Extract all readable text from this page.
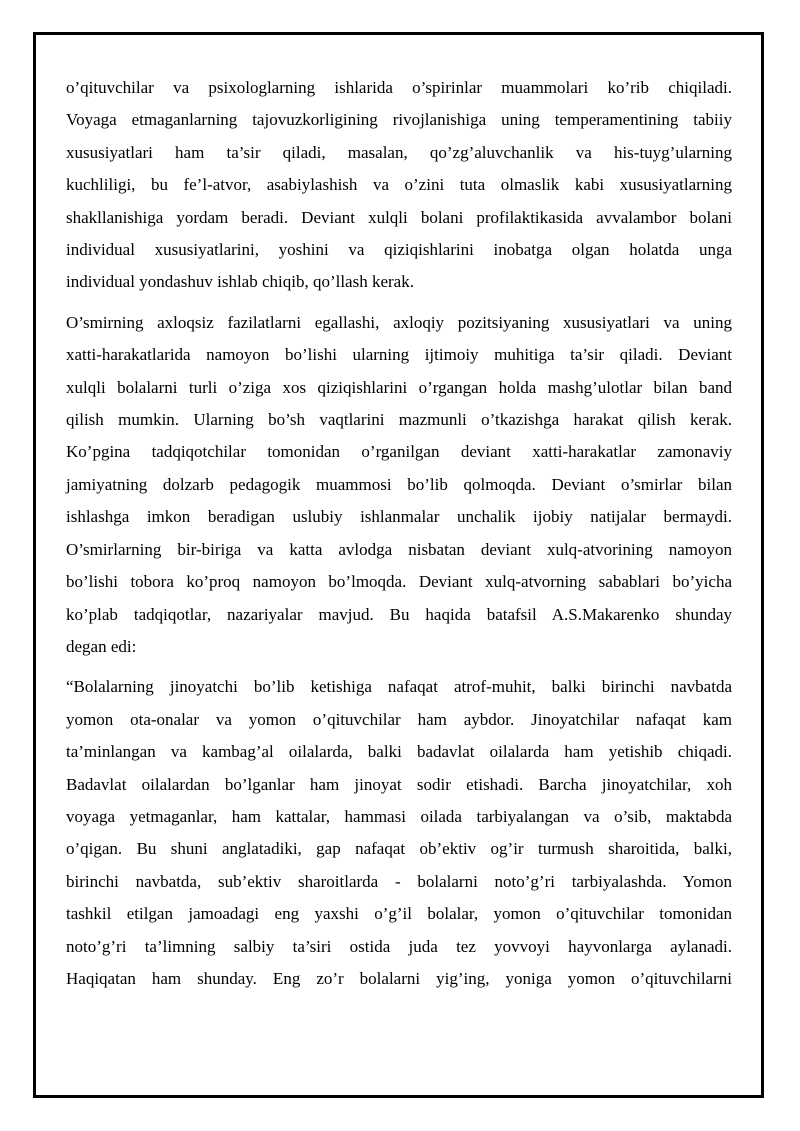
o’qituvchilar va psixologlarning ishlarida o’spirinlar muammolari ko’rib chiqiladi.
Voyaga etmaganlarning tajovuzkorligining rivojlanishiga uning temperamentining tabiiy
xususiyatlari ham ta’sir qiladi, masalan, qo’zg’aluvchanlik va his-tuyg’ularning
kuchliligi, bu fe’l-atvor, asabiylashish va o’zini tuta olmaslik kabi xususiyatlarning
shakllanishiga yordam beradi. Deviant xulqli bolani profilaktikasida avvalambor bolani
individual xususiyatlarini, yoshini va qiziqishlarini inobatga olgan holatda unga
individual yondashuv ishlab chiqib, qo’llash kerak.

O’smirning axloqsiz fazilatlarni egallashi, axloqiy pozitsiyaning xususiyatlari va uning
xatti-harakatlarida namoyon bo’lishi ularning ijtimoiy muhitiga ta’sir qiladi. Deviant
xulqli bolalarni turli o’ziga xos qiziqishlarini o’rgangan holda mashg’ulotlar bilan band
qilish mumkin. Ularning bo’sh vaqtlarini mazmunli o’tkazishga harakat qilish kerak.
Ko’pgina tadqiqotchilar tomonidan o’rganilgan deviant xatti-harakatlar zamonaviy
jamiyatning dolzarb pedagogik muammosi bo’lib qolmoqda. Deviant o’smirlar bilan
ishlashga imkon beradigan uslubiy ishlanmalar unchalik ijobiy natijalar bermaydi.
O’smirlarning bir-biriga va katta avlodga nisbatan deviant xulq-atvorining namoyon
bo’lishi tobora ko’proq namoyon bo’lmoqda. Deviant xulq-atvorning sabablari bo’yicha
ko’plab tadqiqotlar, nazariyalar mavjud. Bu haqida batafsil A.S.Makarenko shunday
degan edi:

“Bolalarning jinoyatchi bo’lib ketishiga nafaqat atrof-muhit, balki birinchi navbatda
yomon ota-onalar va yomon o’qituvchilar ham aybdor. Jinoyatchilar nafaqat kam
ta’minlangan va kambag’al oilalarda, balki badavlat oilalarda ham yetishib chiqadi.
Badavlat oilalardan bo’lganlar ham jinoyat sodir etishadi. Barcha jinoyatchilar, xoh
voyaga yetmaganlar, ham kattalar, hammasi oilada tarbiyalangan va o’sib, maktabda
o’qigan. Bu shuni anglatadiki, gap nafaqat ob’ektiv og’ir turmush sharoitida, balki,
birinchi navbatda, sub’ektiv sharoitlarda - bolalarni noto’g’ri tarbiyalashda. Yomon
tashkil etilgan jamoadagi eng yaxshi o’g’il bolalar, yomon o’qituvchilar tomonidan
noto’g’ri ta’limning salbiy ta’siri ostida juda tez yovvoyi hayvonlarga aylanadi.
Haqiqatan ham shunday. Eng zo’r bolalarni yig’ing, yoniga yomon o’qituvchilarni
